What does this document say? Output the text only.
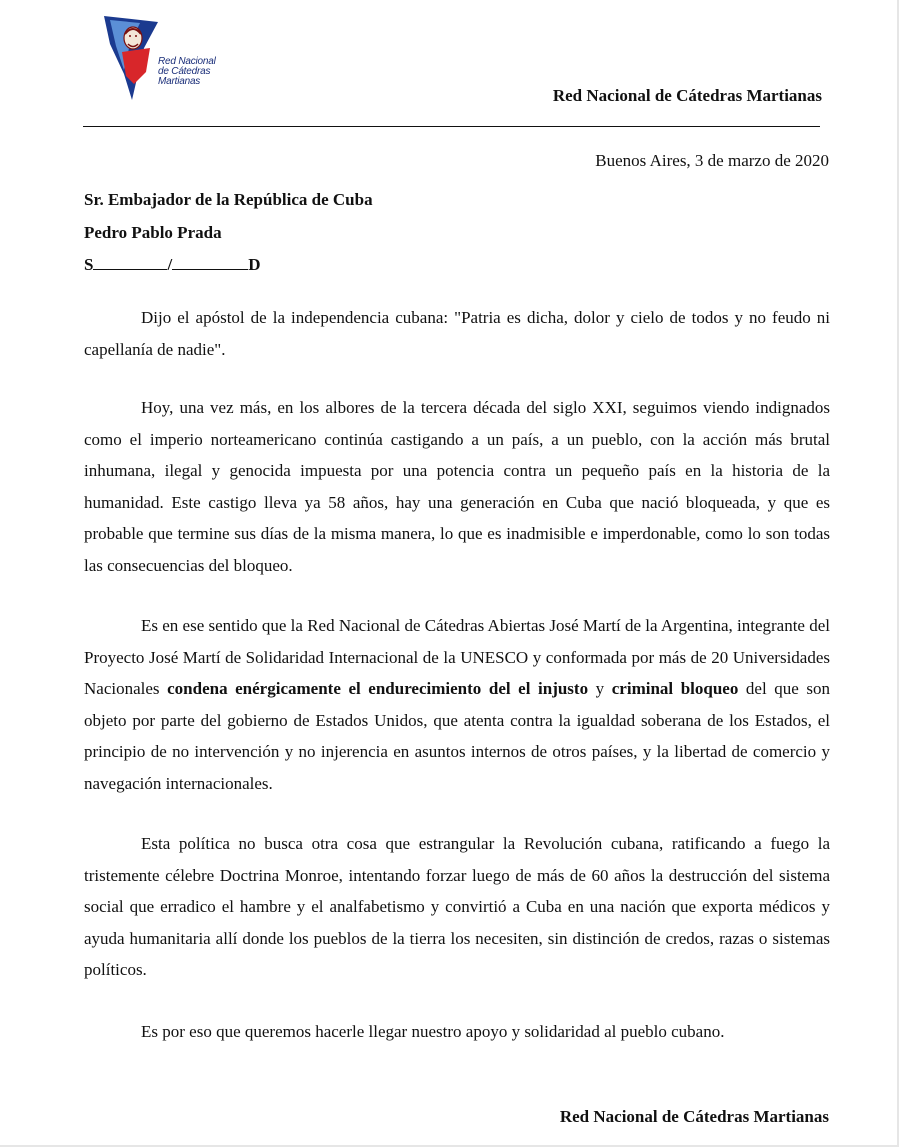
Red Nacional
de Cátedras
Martianas
Red Nacional de Cátedras Martianas
Buenos Aires, 3 de marzo de 2020
Sr. Embajador de la República de Cuba
Pedro Pablo Prada
S	/	D
Dijo el apóstol de la independencia cubana: "Patria es dicha, dolor y cielo de todos y no feudo ni capellanía de nadie".
Hoy, una vez más, en los albores de la tercera década del siglo XXI, seguimos viendo indignados como el imperio norteamericano continúa castigando a un país, a un pueblo, con la acción más brutal inhumana, ilegal y genocida impuesta por una potencia contra un pequeño país en la historia de la humanidad. Este castigo lleva ya 58 años, hay una generación en Cuba que nació bloqueada, y que es probable que termine sus días de la misma manera, lo que es inadmisible e imperdonable, como lo son todas las consecuencias del bloqueo.
Es en ese sentido que la Red Nacional de Cátedras Abiertas José Martí de la Argentina, integrante del Proyecto José Martí de Solidaridad Internacional de la UNESCO y conformada por más de 20 Universidades Nacionales condena enérgicamente el endurecimiento del el injusto y criminal bloqueo del que son objeto por parte del gobierno de Estados Unidos, que atenta contra la igualdad soberana de los Estados, el principio de no intervención y no injerencia en asuntos internos de otros países, y la libertad de comercio y navegación internacionales.
Esta política no busca otra cosa que estrangular la Revolución cubana, ratificando a fuego la tristemente célebre Doctrina Monroe, intentando forzar luego de más de 60 años la destrucción del sistema social que erradico el hambre y el analfabetismo y convirtió a Cuba en una nación que exporta médicos y ayuda humanitaria allí donde los pueblos de la tierra los necesiten, sin distinción de credos, razas o sistemas políticos.
Es por eso que queremos hacerle llegar nuestro apoyo y solidaridad al pueblo cubano.
Red Nacional de Cátedras Martianas
